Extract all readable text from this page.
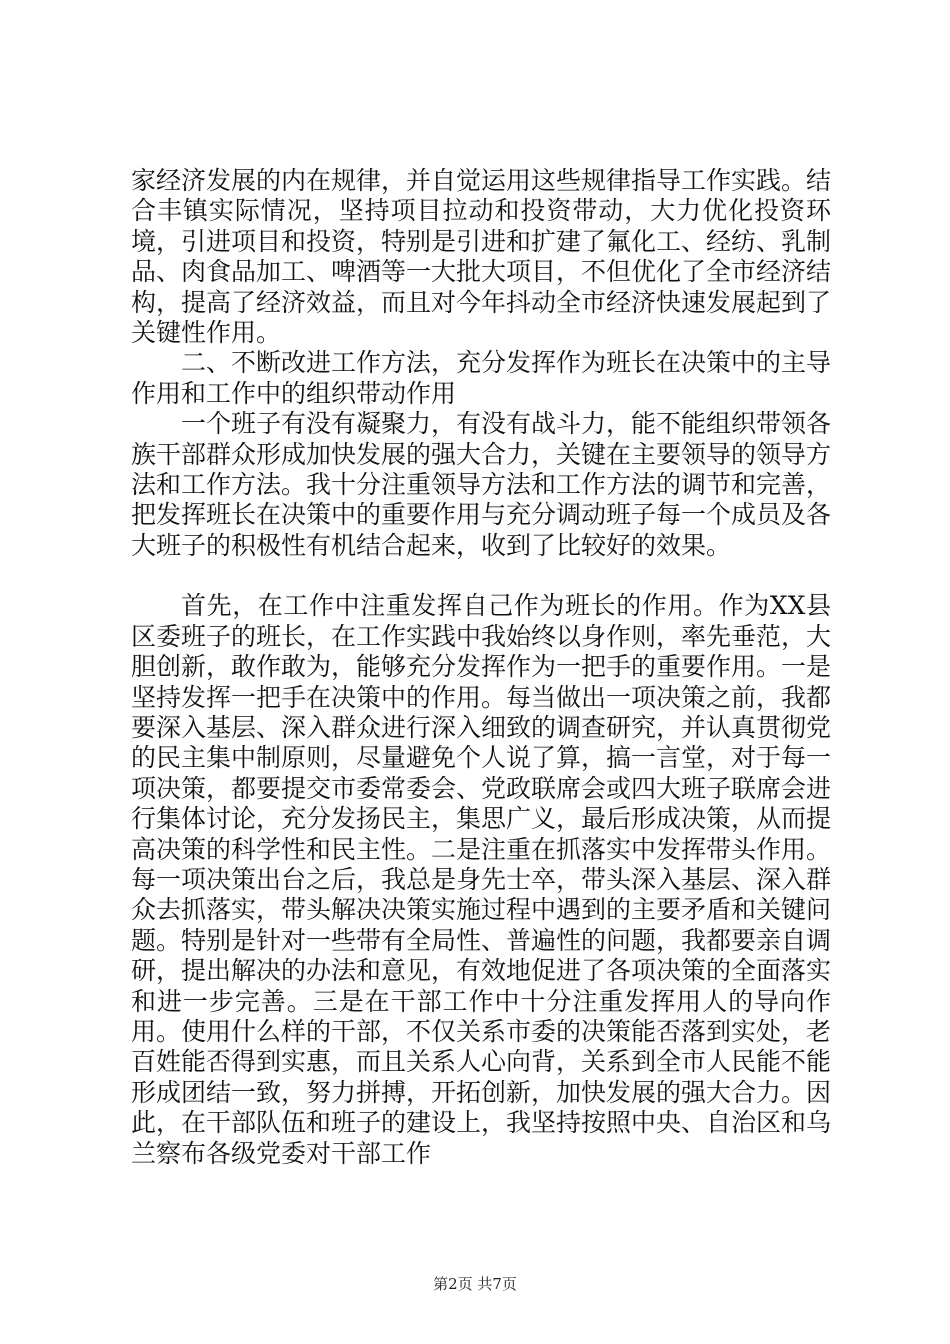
家经济发展的内在规律，并自觉运用这些规律指导工作实践。结合丰镇实际情况，坚持项目拉动和投资带动，大力优化投资环境，引进项目和投资，特别是引进和扩建了氟化工、经纺、乳制品、肉食品加工、啤酒等一大批大项目，不但优化了全市经济结构，提高了经济效益，而且对今年抖动全市经济快速发展起到了关键性作用。

二、不断改进工作方法，充分发挥作为班长在决策中的主导作用和工作中的组织带动作用

一个班子有没有凝聚力，有没有战斗力，能不能组织带领各族干部群众形成加快发展的强大合力，关键在主要领导的领导方法和工作方法。我十分注重领导方法和工作方法的调节和完善，把发挥班长在决策中的重要作用与充分调动班子每一个成员及各大班子的积极性有机结合起来，收到了比较好的效果。

首先，在工作中注重发挥自己作为班长的作用。作为XX县区委班子的班长，在工作实践中我始终以身作则，率先垂范，大胆创新，敢作敢为，能够充分发挥作为一把手的重要作用。一是坚持发挥一把手在决策中的作用。每当做出一项决策之前，我都要深入基层、深入群众进行深入细致的调查研究，并认真贯彻党的民主集中制原则，尽量避免个人说了算，搞一言堂，对于每一项决策，都要提交市委常委会、党政联席会或四大班子联席会进行集体讨论，充分发扬民主，集思广义，最后形成决策，从而提高决策的科学性和民主性。二是注重在抓落实中发挥带头作用。每一项决策出台之后，我总是身先士卒，带头深入基层、深入群众去抓落实，带头解决决策实施过程中遇到的主要矛盾和关键问题。特别是针对一些带有全局性、普遍性的问题，我都要亲自调研，提出解决的办法和意见，有效地促进了各项决策的全面落实和进一步完善。三是在干部工作中十分注重发挥用人的导向作用。使用什么样的干部，不仅关系市委的决策能否落到实处，老百姓能否得到实惠，而且关系人心向背，关系到全市人民能不能形成团结一致，努力拼搏，开拓创新，加快发展的强大合力。因此，在干部队伍和班子的建设上，我坚持按照中央、自治区和乌兰察布各级党委对干部工作

第2页 共7页
